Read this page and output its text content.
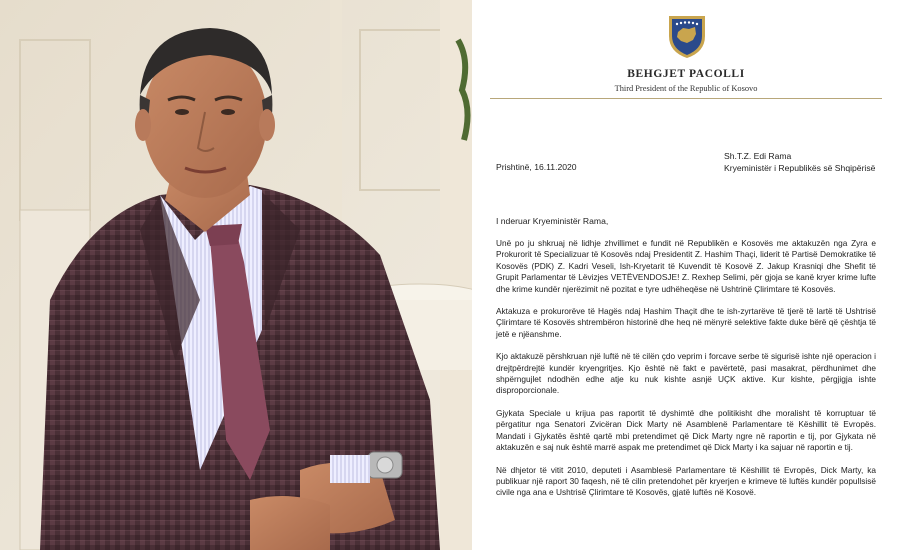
BEHGJET PACOLLI
Third President of the Republic of Kosovo
Sh.T.Z. Edi Rama
Kryeministër i Republikës së Shqipërisë
Prishtinë, 16.11.2020
I nderuar Kryeministër Rama,

Unë po ju shkruaj në lidhje zhvillimet e fundit në Republikën e Kosovës me aktakuzën nga Zyra e Prokurorit të Specializuar të Kosovës ndaj Presidentit Z. Hashim Thaçi, liderit të Partisë Demokratike të Kosovës (PDK) Z. Kadri Veseli, Ish-Kryetarit të Kuvendit të Kosovë Z. Jakup Krasniqi dhe Shefit të Grupit Parlamentar të Lëvizjes VETËVENDOSJE! Z. Rexhep Selimi, për gjoja se kanë kryer krime lufte dhe krime kundër njerëzimit në pozitat e tyre udhëheqëse në Ushtrinë Çlirimtare të Kosovës.

Aktakuza e prokurorëve të Hagës ndaj Hashim Thaçit dhe te ish-zyrtarëve të tjerë të lartë të Ushtrisë Çlirimtare të Kosovës shtrembëron historinë dhe heq në mënyrë selektive fakte duke bërë që çështja të jetë e njëanshme.

Kjo aktakuzë përshkruan një luftë në të cilën çdo veprim i forcave serbe të sigurisë ishte një operacion i drejtpërdrejtë kundër kryengritjes. Kjo është në fakt e pavërtetë, pasi masakrat, përdhunimet dhe shpërngujlet ndodhën edhe atje ku nuk kishte asnjë UÇK aktive. Kur kishte, përgjigja ishte disproporcionale.

Gjykata Speciale u krijua pas raportit të dyshimtë dhe politikisht dhe moralisht të korruptuar të përgatitur nga Senatori Zvicëran Dick Marty në Asamblenë Parlamentare të Këshillit të Evropës. Mandati i Gjykatës është qartë mbi pretendimet që Dick Marty ngre në raportin e tij, por Gjykata në aktakuzën e saj nuk është marrë aspak me pretendimet që Dick Marty i ka sajuar në raportin e tij.

Në dhjetor të vitit 2010, deputeti i Asamblesë Parlamentare të Këshillit të Evropës, Dick Marty, ka publikuar një raport 30 faqesh, në të cilin pretendohet për kryerjen e krimeve të luftës kundër popullsisë civile nga ana e Ushtrisë Çlirimtare të Kosovës, gjatë luftës në Kosovë.
